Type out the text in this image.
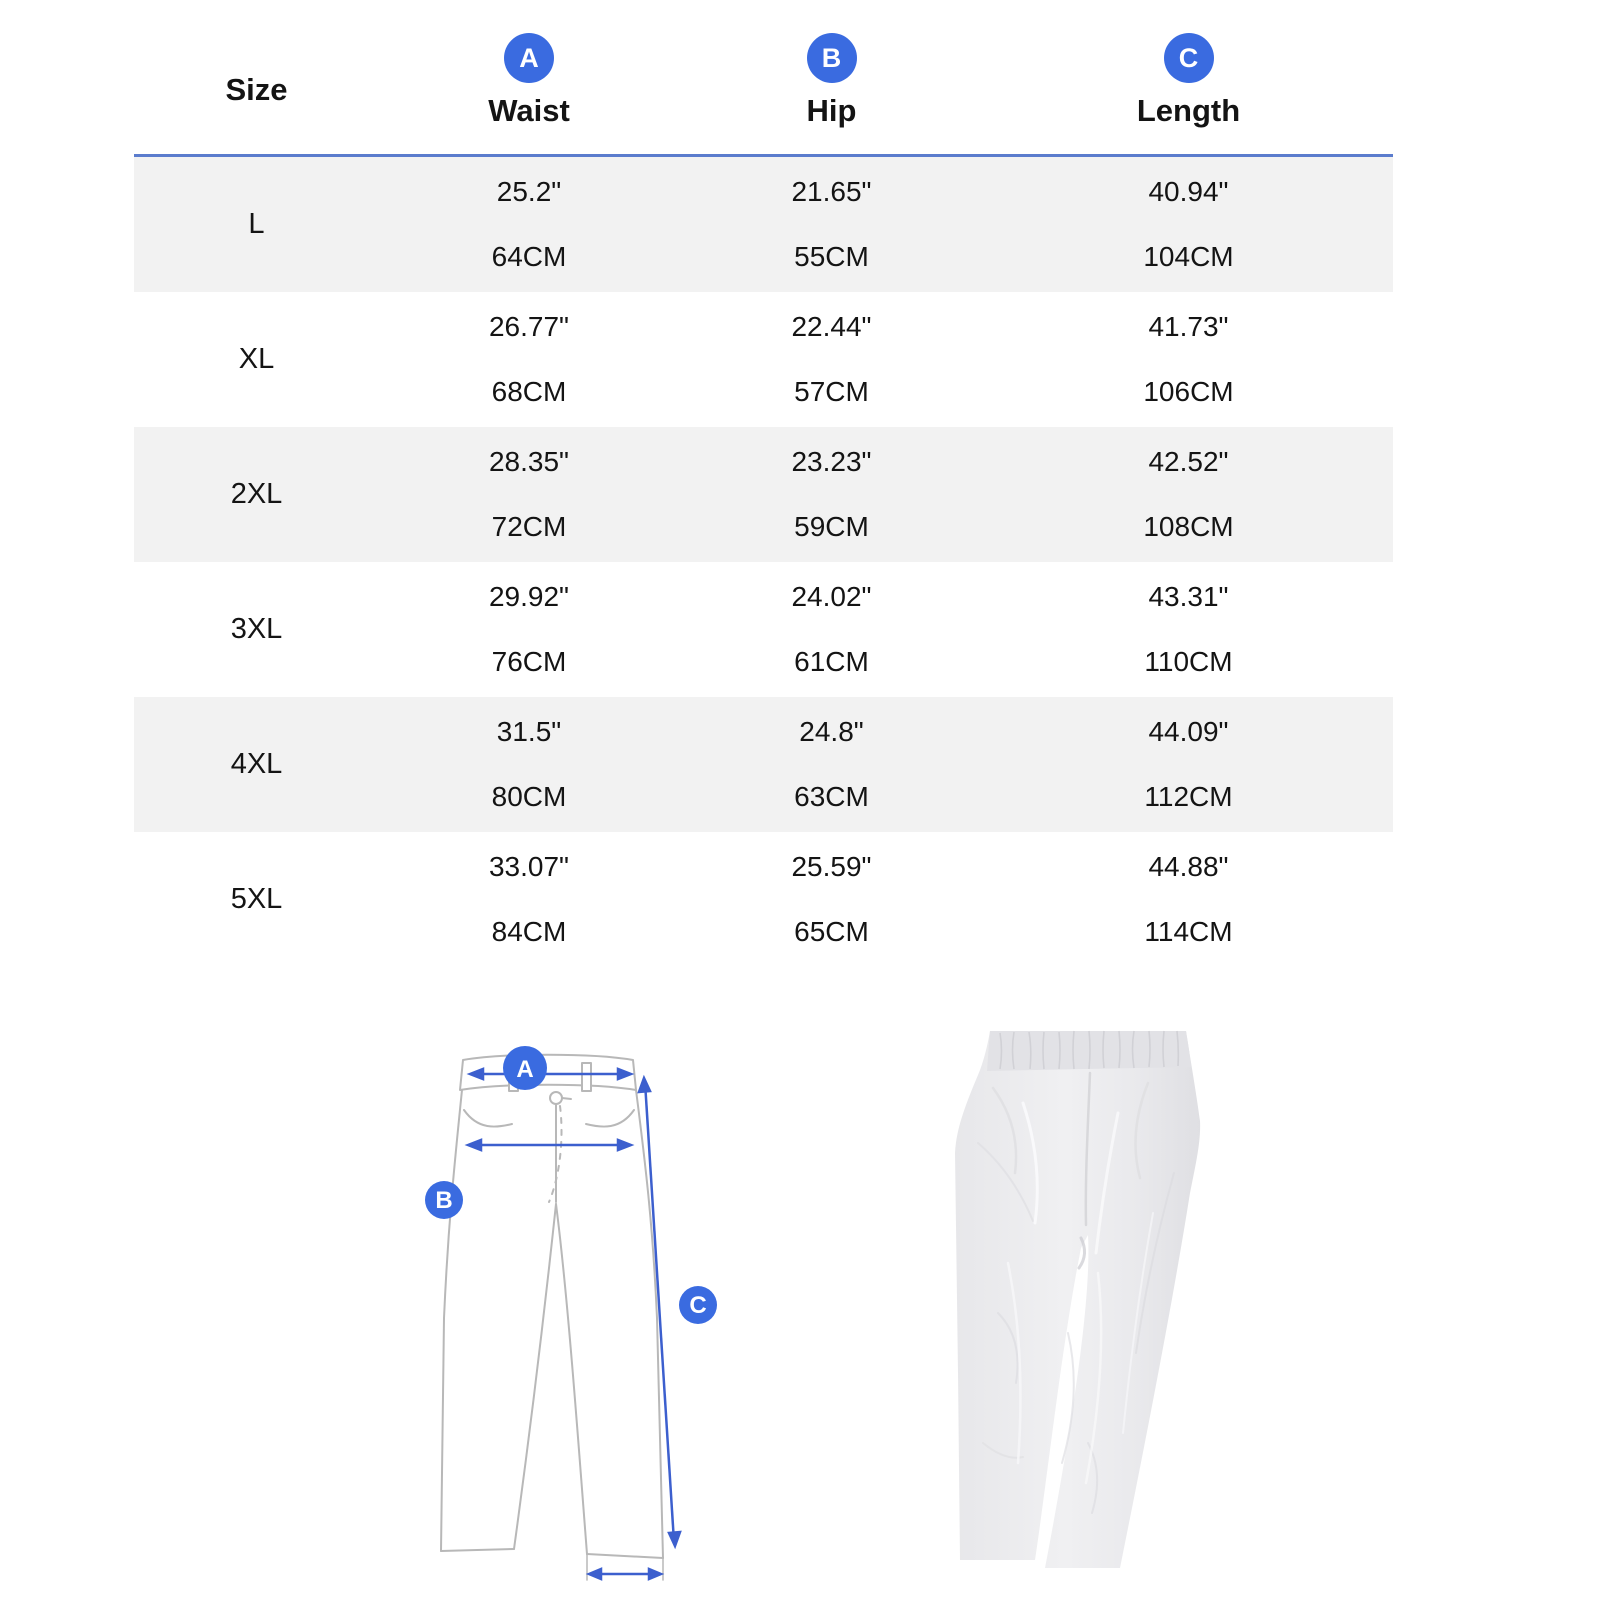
Size
A
Waist
B
Hip
C
Length
L
25.2"
64CM
21.65"
55CM
40.94"
104CM
XL
26.77"
68CM
22.44"
57CM
41.73"
106CM
2XL
28.35"
72CM
23.23"
59CM
42.52"
108CM
3XL
29.92"
76CM
24.02"
61CM
43.31"
110CM
4XL
31.5"
80CM
24.8"
63CM
44.09"
112CM
5XL
33.07"
84CM
25.59"
65CM
44.88"
114CM
A
B
C
